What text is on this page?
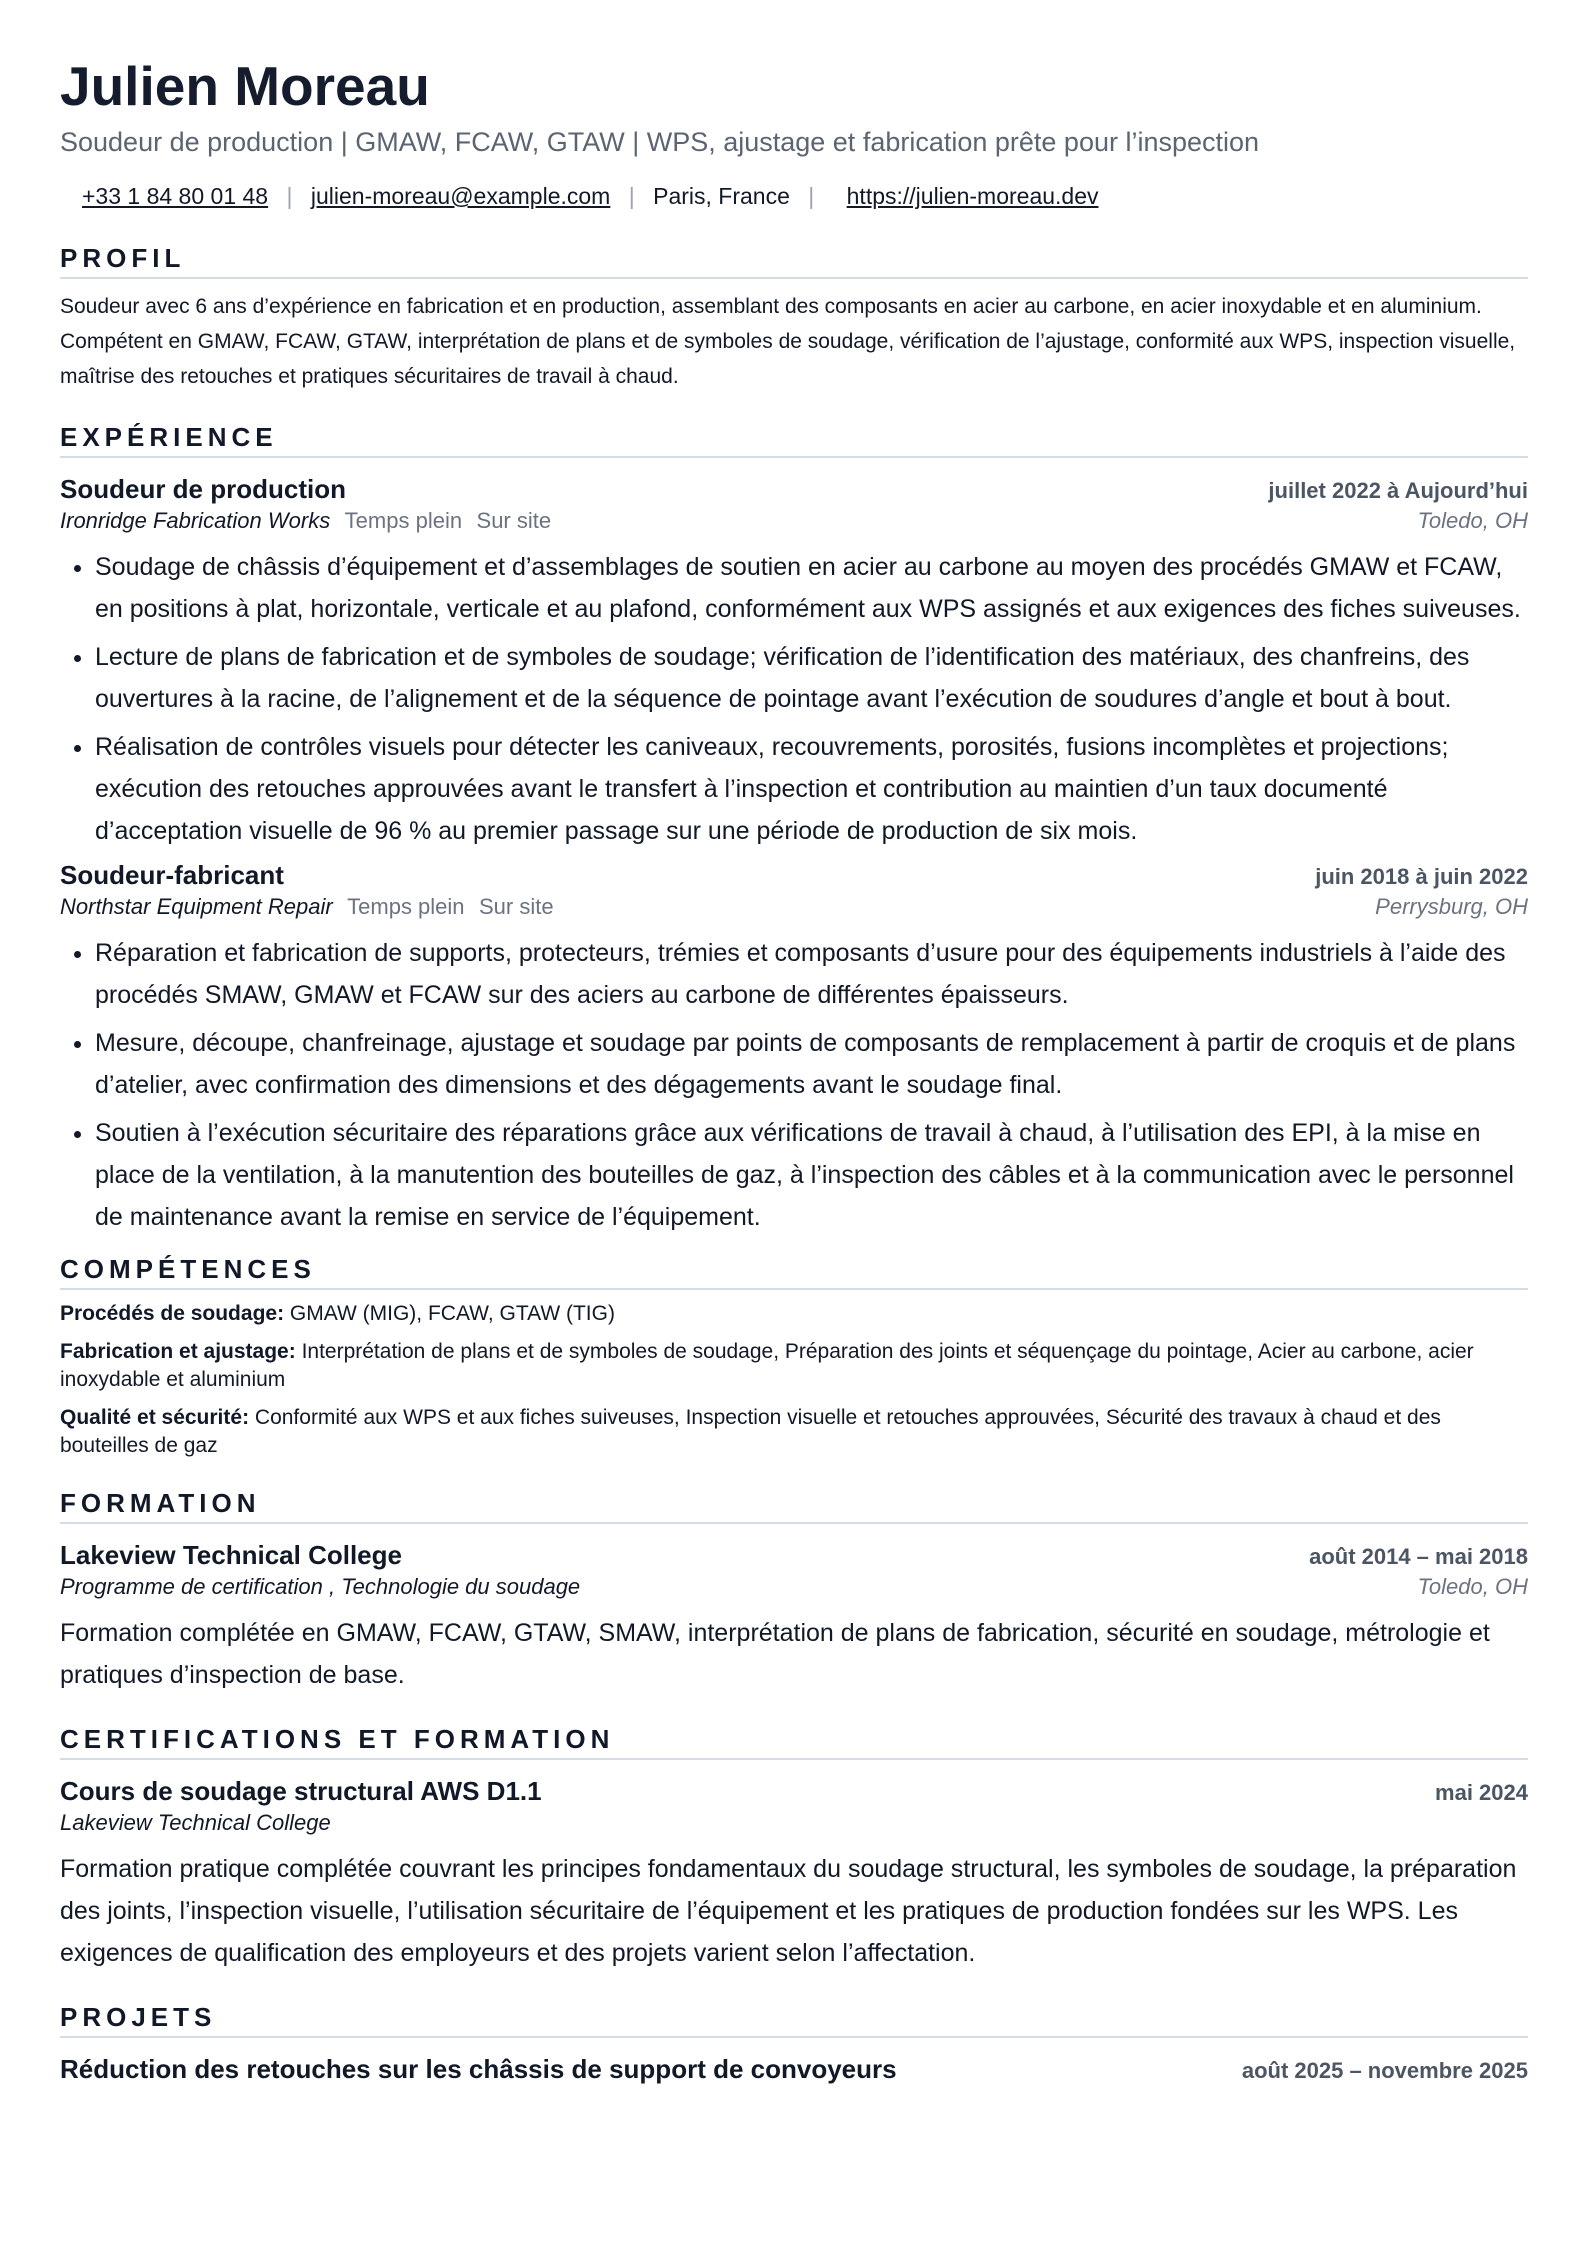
Julien Moreau
Soudeur de production | GMAW, FCAW, GTAW | WPS, ajustage et fabrication prête pour l’inspection
+33 1 84 80 01 48 | julien-moreau@example.com | Paris, France | https://julien-moreau.dev
PROFIL
Soudeur avec 6 ans d’expérience en fabrication et en production, assemblant des composants en acier au carbone, en acier inoxydable et en aluminium. Compétent en GMAW, FCAW, GTAW, interprétation de plans et de symboles de soudage, vérification de l’ajustage, conformité aux WPS, inspection visuelle, maîtrise des retouches et pratiques sécuritaires de travail à chaud.
EXPÉRIENCE
Soudeur de production	juillet 2022 à Aujourd’hui
Ironridge Fabrication Works Temps plein Sur site	Toledo, OH
• Soudage de châssis d’équipement et d’assemblages de soutien en acier au carbone au moyen des procédés GMAW et FCAW, en positions à plat, horizontale, verticale et au plafond, conformément aux WPS assignés et aux exigences des fiches suiveuses.
• Lecture de plans de fabrication et de symboles de soudage; vérification de l’identification des matériaux, des chanfreins, des ouvertures à la racine, de l’alignement et de la séquence de pointage avant l’exécution de soudures d’angle et bout à bout.
• Réalisation de contrôles visuels pour détecter les caniveaux, recouvrements, porosités, fusions incomplètes et projections; exécution des retouches approuvées avant le transfert à l’inspection et contribution au maintien d’un taux documenté d’acceptation visuelle de 96 % au premier passage sur une période de production de six mois.
Soudeur-fabricant	juin 2018 à juin 2022
Northstar Equipment Repair Temps plein Sur site	Perrysburg, OH
• Réparation et fabrication de supports, protecteurs, trémies et composants d’usure pour des équipements industriels à l’aide des procédés SMAW, GMAW et FCAW sur des aciers au carbone de différentes épaisseurs.
• Mesure, découpe, chanfreinage, ajustage et soudage par points de composants de remplacement à partir de croquis et de plans d’atelier, avec confirmation des dimensions et des dégagements avant le soudage final.
• Soutien à l’exécution sécuritaire des réparations grâce aux vérifications de travail à chaud, à l’utilisation des EPI, à la mise en place de la ventilation, à la manutention des bouteilles de gaz, à l’inspection des câbles et à la communication avec le personnel de maintenance avant la remise en service de l’équipement.
COMPÉTENCES
Procédés de soudage: GMAW (MIG), FCAW, GTAW (TIG)
Fabrication et ajustage: Interprétation de plans et de symboles de soudage, Préparation des joints et séquençage du pointage, Acier au carbone, acier inoxydable et aluminium
Qualité et sécurité: Conformité aux WPS et aux fiches suiveuses, Inspection visuelle et retouches approuvées, Sécurité des travaux à chaud et des bouteilles de gaz
FORMATION
Lakeview Technical College	août 2014 – mai 2018
Programme de certification , Technologie du soudage	Toledo, OH
Formation complétée en GMAW, FCAW, GTAW, SMAW, interprétation de plans de fabrication, sécurité en soudage, métrologie et pratiques d’inspection de base.
CERTIFICATIONS ET FORMATION
Cours de soudage structural AWS D1.1	mai 2024
Lakeview Technical College
Formation pratique complétée couvrant les principes fondamentaux du soudage structural, les symboles de soudage, la préparation des joints, l’inspection visuelle, l’utilisation sécuritaire de l’équipement et les pratiques de production fondées sur les WPS. Les exigences de qualification des employeurs et des projets varient selon l’affectation.
PROJETS
Réduction des retouches sur les châssis de support de convoyeurs	août 2025 – novembre 2025
